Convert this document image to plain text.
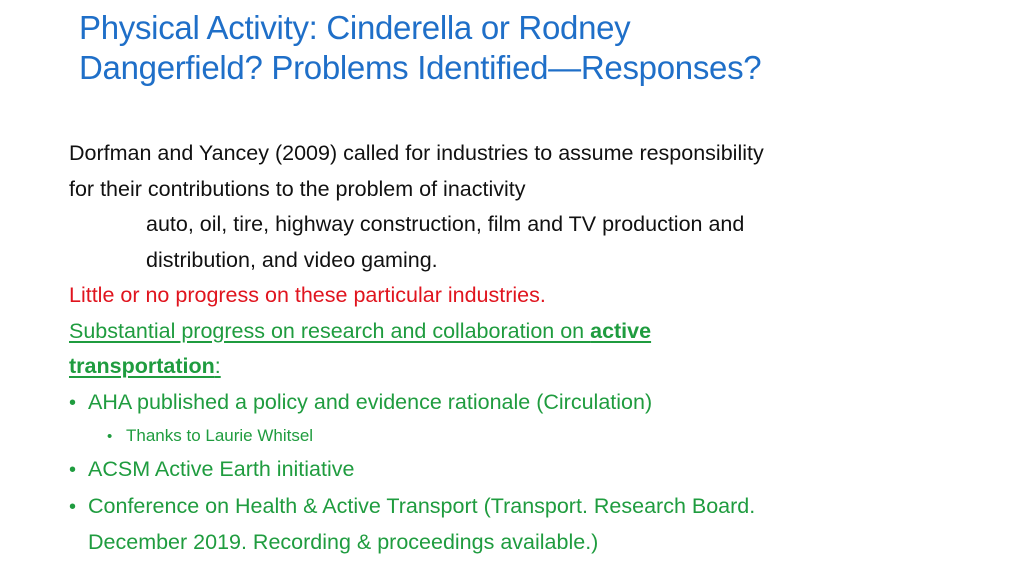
Physical Activity: Cinderella or Rodney
Dangerfield? Problems Identified—Responses?
Dorfman and Yancey (2009) called for industries to assume responsibility
for their contributions to the problem of inactivity
auto, oil, tire, highway construction, film and TV production and
distribution, and video gaming.
Little or no progress on these particular industries.
Substantial progress on research and collaboration on active
transportation:
• AHA published a policy and evidence rationale (Circulation)
• Thanks to Laurie Whitsel
• ACSM Active Earth initiative
• Conference on Health & Active Transport (Transport. Research Board.
December 2019. Recording & proceedings available.)
